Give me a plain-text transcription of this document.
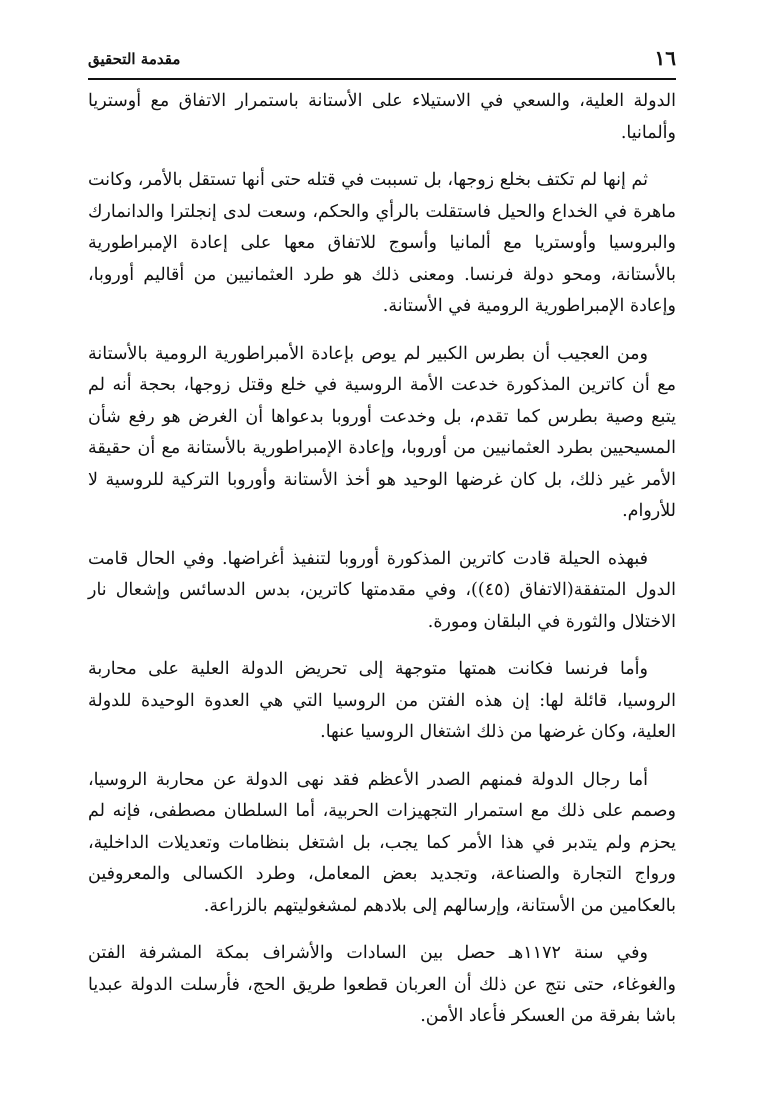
١٦
مقدمة التحقيق

الدولة العلية، والسعي في الاستيلاء على الأستانة باستمرار الاتفاق مع أوستريا وألمانيا.

ثم إنها لم تكتف بخلع زوجها، بل تسببت في قتله حتى أنها تستقل بالأمر، وكانت ماهرة في الخداع والحيل فاستقلت بالرأي والحكم، وسعت لدى إنجلترا والدانمارك والبروسيا وأوستريا مع ألمانيا وأسوج للاتفاق معها على إعادة الإمبراطورية بالأستانة، ومحو دولة فرنسا. ومعنى ذلك هو طرد العثمانيين من أقاليم أوروبا، وإعادة الإمبراطورية الرومية في الأستانة.

ومن العجيب أن بطرس الكبير لم يوص بإعادة الأمبراطورية الرومية بالأستانة مع أن كاترين المذكورة خدعت الأمة الروسية في خلع وقتل زوجها، بحجة أنه لم يتبع وصية بطرس كما تقدم، بل وخدعت أوروبا بدعواها أن الغرض هو رفع شأن المسيحيين بطرد العثمانيين من أوروبا، وإعادة الإمبراطورية بالأستانة مع أن حقيقة الأمر غير ذلك، بل كان غرضها الوحيد هو أخذ الأستانة وأوروبا التركية للروسية لا للأروام.

فبهذه الحيلة قادت كاترين المذكورة أوروبا لتنفيذ أغراضها. وفي الحال قامت الدول المتفقة(الاتفاق (٤٥))، وفي مقدمتها كاترين، بدس الدسائس وإشعال نار الاختلال والثورة في البلقان ومورة.

وأما فرنسا فكانت همتها متوجهة إلى تحريض الدولة العلية على محاربة الروسيا، قائلة لها: إن هذه الفتن من الروسيا التي هي العدوة الوحيدة للدولة العلية، وكان غرضها من ذلك اشتغال الروسيا عنها.

أما رجال الدولة فمنهم الصدر الأعظم فقد نهى الدولة عن محاربة الروسيا، وصمم على ذلك مع استمرار التجهيزات الحربية، أما السلطان مصطفى، فإنه لم يحزم ولم يتدبر في هذا الأمر كما يجب، بل اشتغل بنظامات وتعديلات الداخلية، ورواج التجارة والصناعة، وتجديد بعض المعامل، وطرد الكسالى والمعروفين بالعكامين من الأستانة، وإرسالهم إلى بلادهم لمشغوليتهم بالزراعة.

وفي سنة ١١٧٢هـ حصل بين السادات والأشراف بمكة المشرفة الفتن والغوغاء، حتى نتج عن ذلك أن العربان قطعوا طريق الحج، فأرسلت الدولة عبديا باشا بفرقة من العسكر فأعاد الأمن.
